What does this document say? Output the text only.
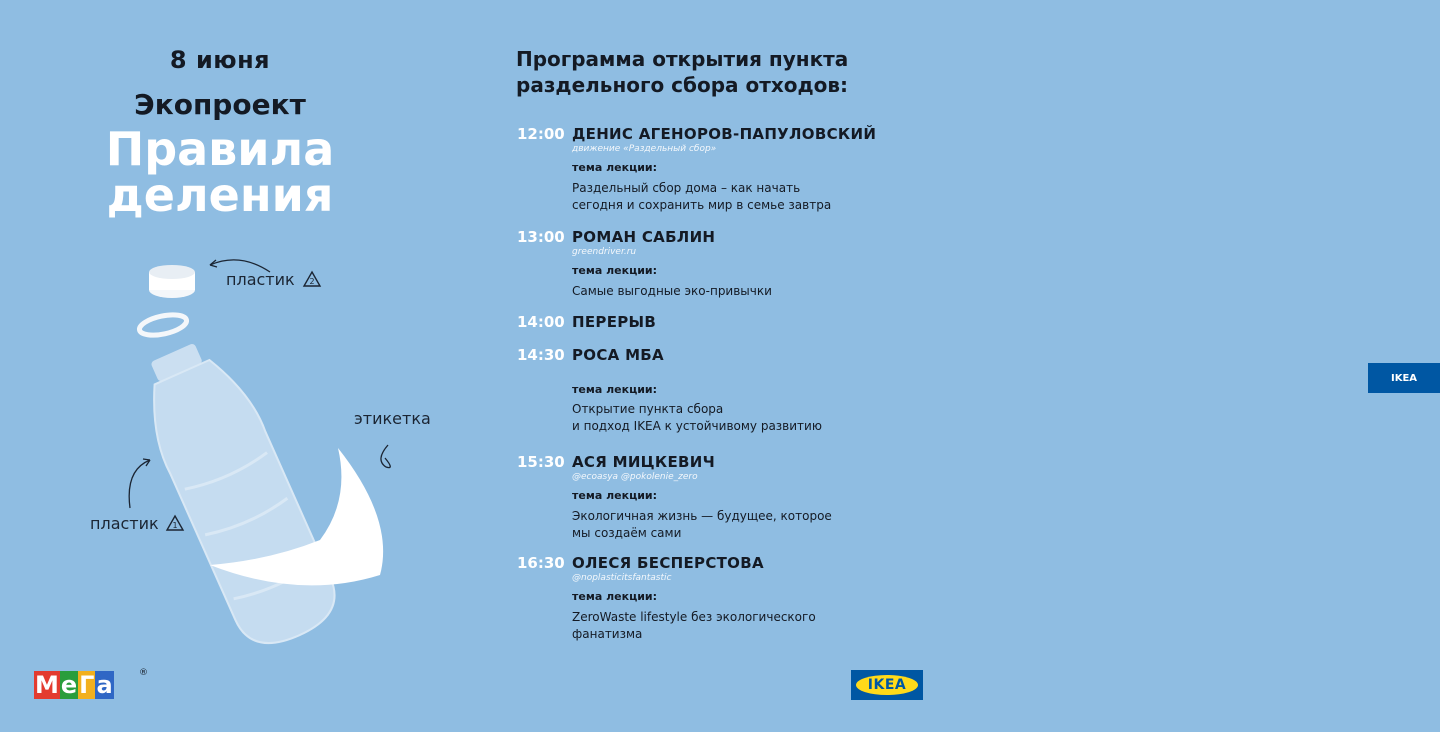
8 июня
Экопроект
Правила
деления
пластик 2
этикетка
пластик 1
Программа открытия пункта
раздельного сбора отходов:
12:00 ДЕНИС АГЕНОРОВ-ПАПУЛОВСКИЙ
движение «Раздельный сбор»
тема лекции:
Раздельный сбор дома – как начать
сегодня и сохранить мир в семье завтра
13:00 РОМАН САБЛИН
greendriver.ru
тема лекции:
Самые выгодные эко-привычки
14:00 ПЕРЕРЫВ
14:30 РОСА МБА
IKEA
тема лекции:
Открытие пункта сбора
и подход IKEA к устойчивому развитию
15:30 АСЯ МИЦКЕВИЧ
@ecoasya @pokolenie_zero
тема лекции:
Экологичная жизнь — будущее, которое
мы создаём сами
16:30 ОЛЕСЯ БЕСПЕРСТОВА
@noplasticitsfantastic
тема лекции:
ZeroWaste lifestyle без экологического
фанатизма
М е Г а	®
IKEA
